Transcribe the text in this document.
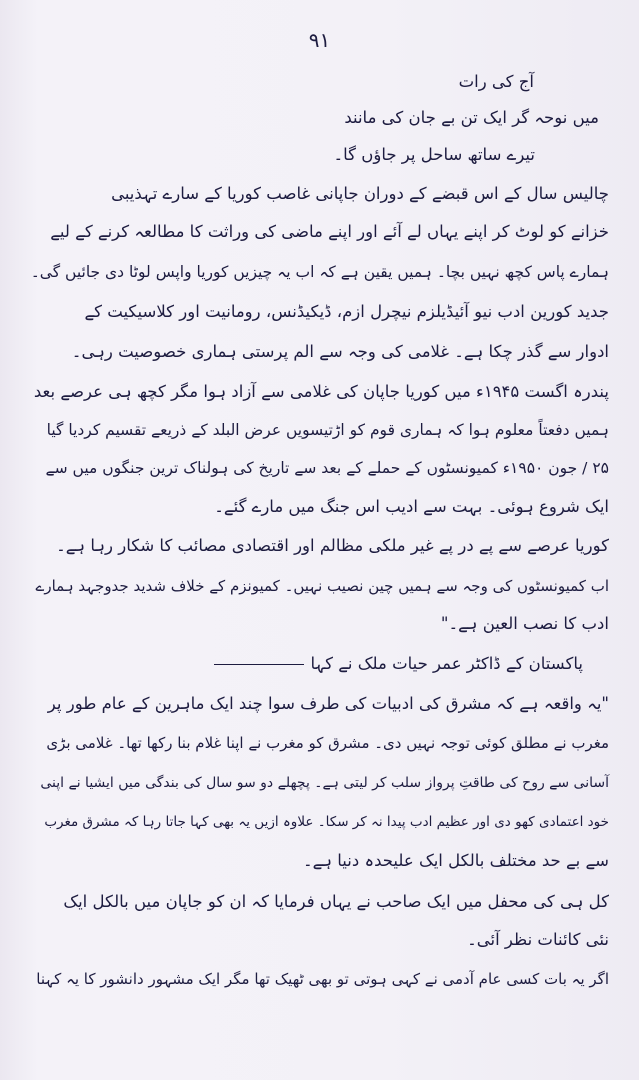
۹۱
آج کی رات
میں نوحہ گر ایک تن بے جان کی مانند
تیرے ساتھ ساحل پر جاؤں گا۔
چالیس سال کے اس قبضے کے دوران جاپانی غاصب کوریا کے سارے تہذیبی
خزانے کو لوٹ کر اپنے یہاں لے آئے اور اپنے ماضی کی وراثت کا مطالعہ کرنے کے لیے
ہمارے پاس کچھ نہیں بچا۔ ہمیں یقین ہے کہ اب یہ چیزیں کوریا واپس لوٹا دی جائیں گی۔
جدید کورین ادب نیو آئیڈیلزم نیچرل ازم، ڈیکیڈنس، رومانیت اور کلاسیکیت کے
ادوار سے گذر چکا ہے۔ غلامی کی وجہ سے الم پرستی ہماری خصوصیت رہی۔
پندرہ اگست ۱۹۴۵ء میں کوریا جاپان کی غلامی سے آزاد ہوا مگر کچھ ہی عرصے بعد
ہمیں دفعتاً معلوم ہوا کہ ہماری قوم کو اڑتیسویں عرض البلد کے ذریعے تقسیم کردیا گیا
۲۵ / جون ۱۹۵۰ء کمیونسٹوں کے حملے کے بعد سے تاریخ کی ہولناک ترین جنگوں میں سے
ایک شروع ہوئی۔ بہت سے ادیب اس جنگ میں مارے گئے۔
کوریا عرصے سے پے در پے غیر ملکی مظالم اور اقتصادی مصائب کا شکار رہا ہے۔
اب کمیونسٹوں کی وجہ سے ہمیں چین نصیب نہیں۔ کمیونزم کے خلاف شدید جدوجہد ہمارے
ادب کا نصب العین ہے۔"
پاکستان کے ڈاکٹر عمر حیات ملک نے کہا
"یہ واقعہ ہے کہ مشرق کی ادبیات کی طرف سوا چند ایک ماہرین کے عام طور پر
مغرب نے مطلق کوئی توجہ نہیں دی۔ مشرق کو مغرب نے اپنا غلام بنا رکھا تھا۔ غلامی بڑی
آسانی سے روح کی طاقتِ پرواز سلب کر لیتی ہے۔ پچھلے دو سو سال کی بندگی میں ایشیا نے اپنی
خود اعتمادی کھو دی اور عظیم ادب پیدا نہ کر سکا۔ علاوہ ازیں یہ بھی کہا جاتا رہا کہ مشرق مغرب
سے بے حد مختلف بالکل ایک علیحدہ دنیا ہے۔
کل ہی کی محفل میں ایک صاحب نے یہاں فرمایا کہ ان کو جاپان میں بالکل ایک
نئی کائنات نظر آئی۔
اگر یہ بات کسی عام آدمی نے کہی ہوتی تو بھی ٹھیک تھا مگر ایک مشہور دانشور کا یہ کہنا
